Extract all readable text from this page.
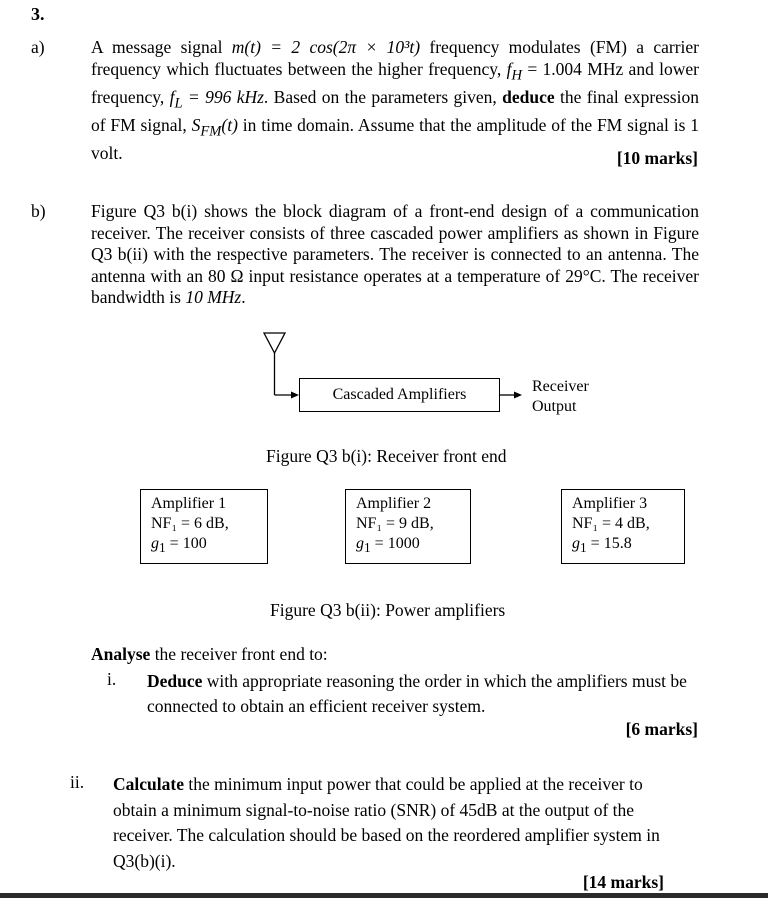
3.
a)	A message signal m(t) = 2 cos(2π × 10³t) frequency modulates (FM) a carrier frequency which fluctuates between the higher frequency, $f_H = 1.004$ MHz and lower frequency, $f_L = 996$ kHz. Based on the parameters given, deduce the final expression of FM signal, $S_{FM}(t)$ in time domain. Assume that the amplitude of the FM signal is 1 volt.	[10 marks]
b)	Figure Q3 b(i) shows the block diagram of a front-end design of a communication receiver. The receiver consists of three cascaded power amplifiers as shown in Figure Q3 b(ii) with the respective parameters. The receiver is connected to an antenna. The antenna with an 80 Ω input resistance operates at a temperature of 29°C. The receiver bandwidth is 10 MHz.
Cascaded Amplifiers	Receiver
Output
Figure Q3 b(i): Receiver front end
Amplifier 1
NF₁ = 6 dB,
$g_1 = 100$
Amplifier 2
NF₁ = 9 dB,
$g_1 = 1000$
Amplifier 3
NF₁ = 4 dB,
$g_1 = 15.8$
Figure Q3 b(ii): Power amplifiers
Analyse the receiver front end to:
i. Deduce with appropriate reasoning the order in which the amplifiers must be connected to obtain an efficient receiver system.
[6 marks]
ii. Calculate the minimum input power that could be applied at the receiver to obtain a minimum signal-to-noise ratio (SNR) of 45dB at the output of the receiver. The calculation should be based on the reordered amplifier system in Q3(b)(i).
[14 marks]
